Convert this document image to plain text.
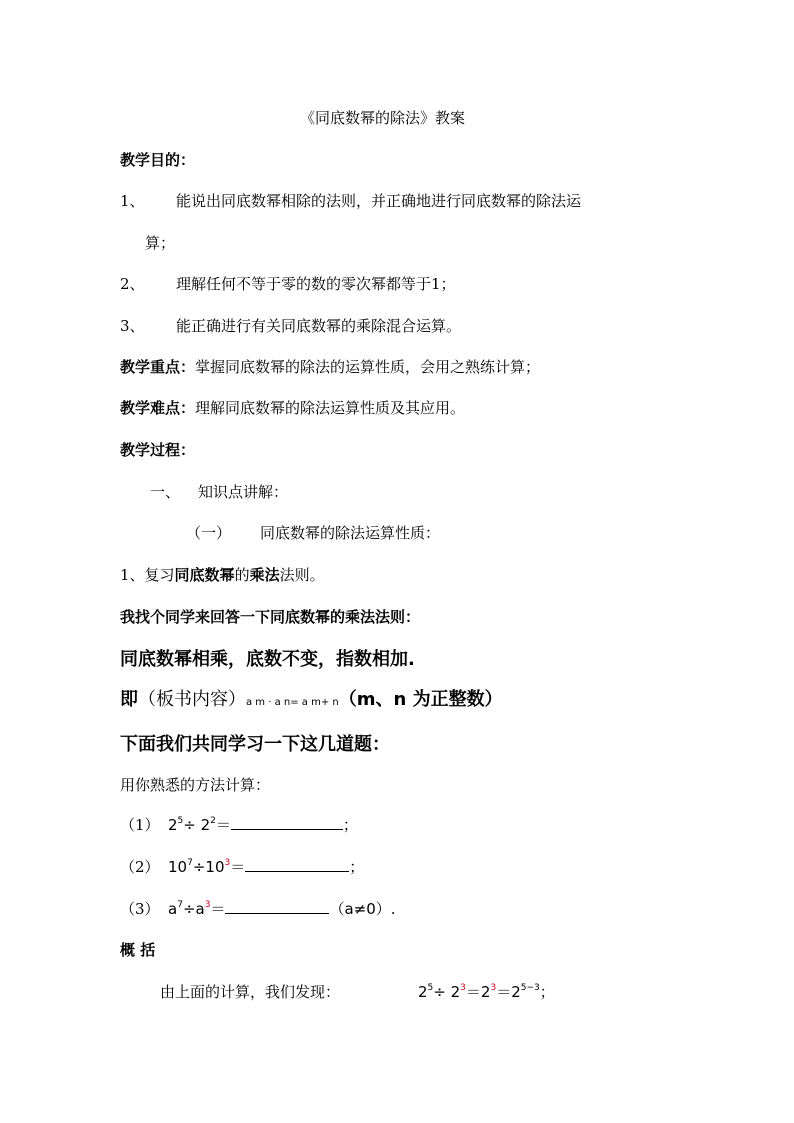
《同底数幂的除法》教案
教学目的：
1、 能说出同底数幂相除的法则，并正确地进行同底数幂的除法运
算；
2、 理解任何不等于零的数的零次幂都等于1；
3、 能正确进行有关同底数幂的乘除混合运算。
教学重点：掌握同底数幂的除法的运算性质，会用之熟练计算；
教学难点：理解同底数幂的除法运算性质及其应用。
教学过程：
一、 知识点讲解：
（一） 同底数幂的除法运算性质：
1、复习同底数幂的乘法法则。
我找个同学来回答一下同底数幂的乘法法则：
同底数幂相乘，底数不变，指数相加.
即（板书内容）a m · a n= a m+ n（m、n 为正整数）
下面我们共同学习一下这几道题：
用你熟悉的方法计算：
（1） $2^5\div 2^2=$	；
（2） $10^7\div 10^3=$	；
（3） $a^7\div a^3=$	（a≠0）.
概 括
由上面的计算，我们发现：	$2^5\div 2^3=2^3=2^{5-3}$；
